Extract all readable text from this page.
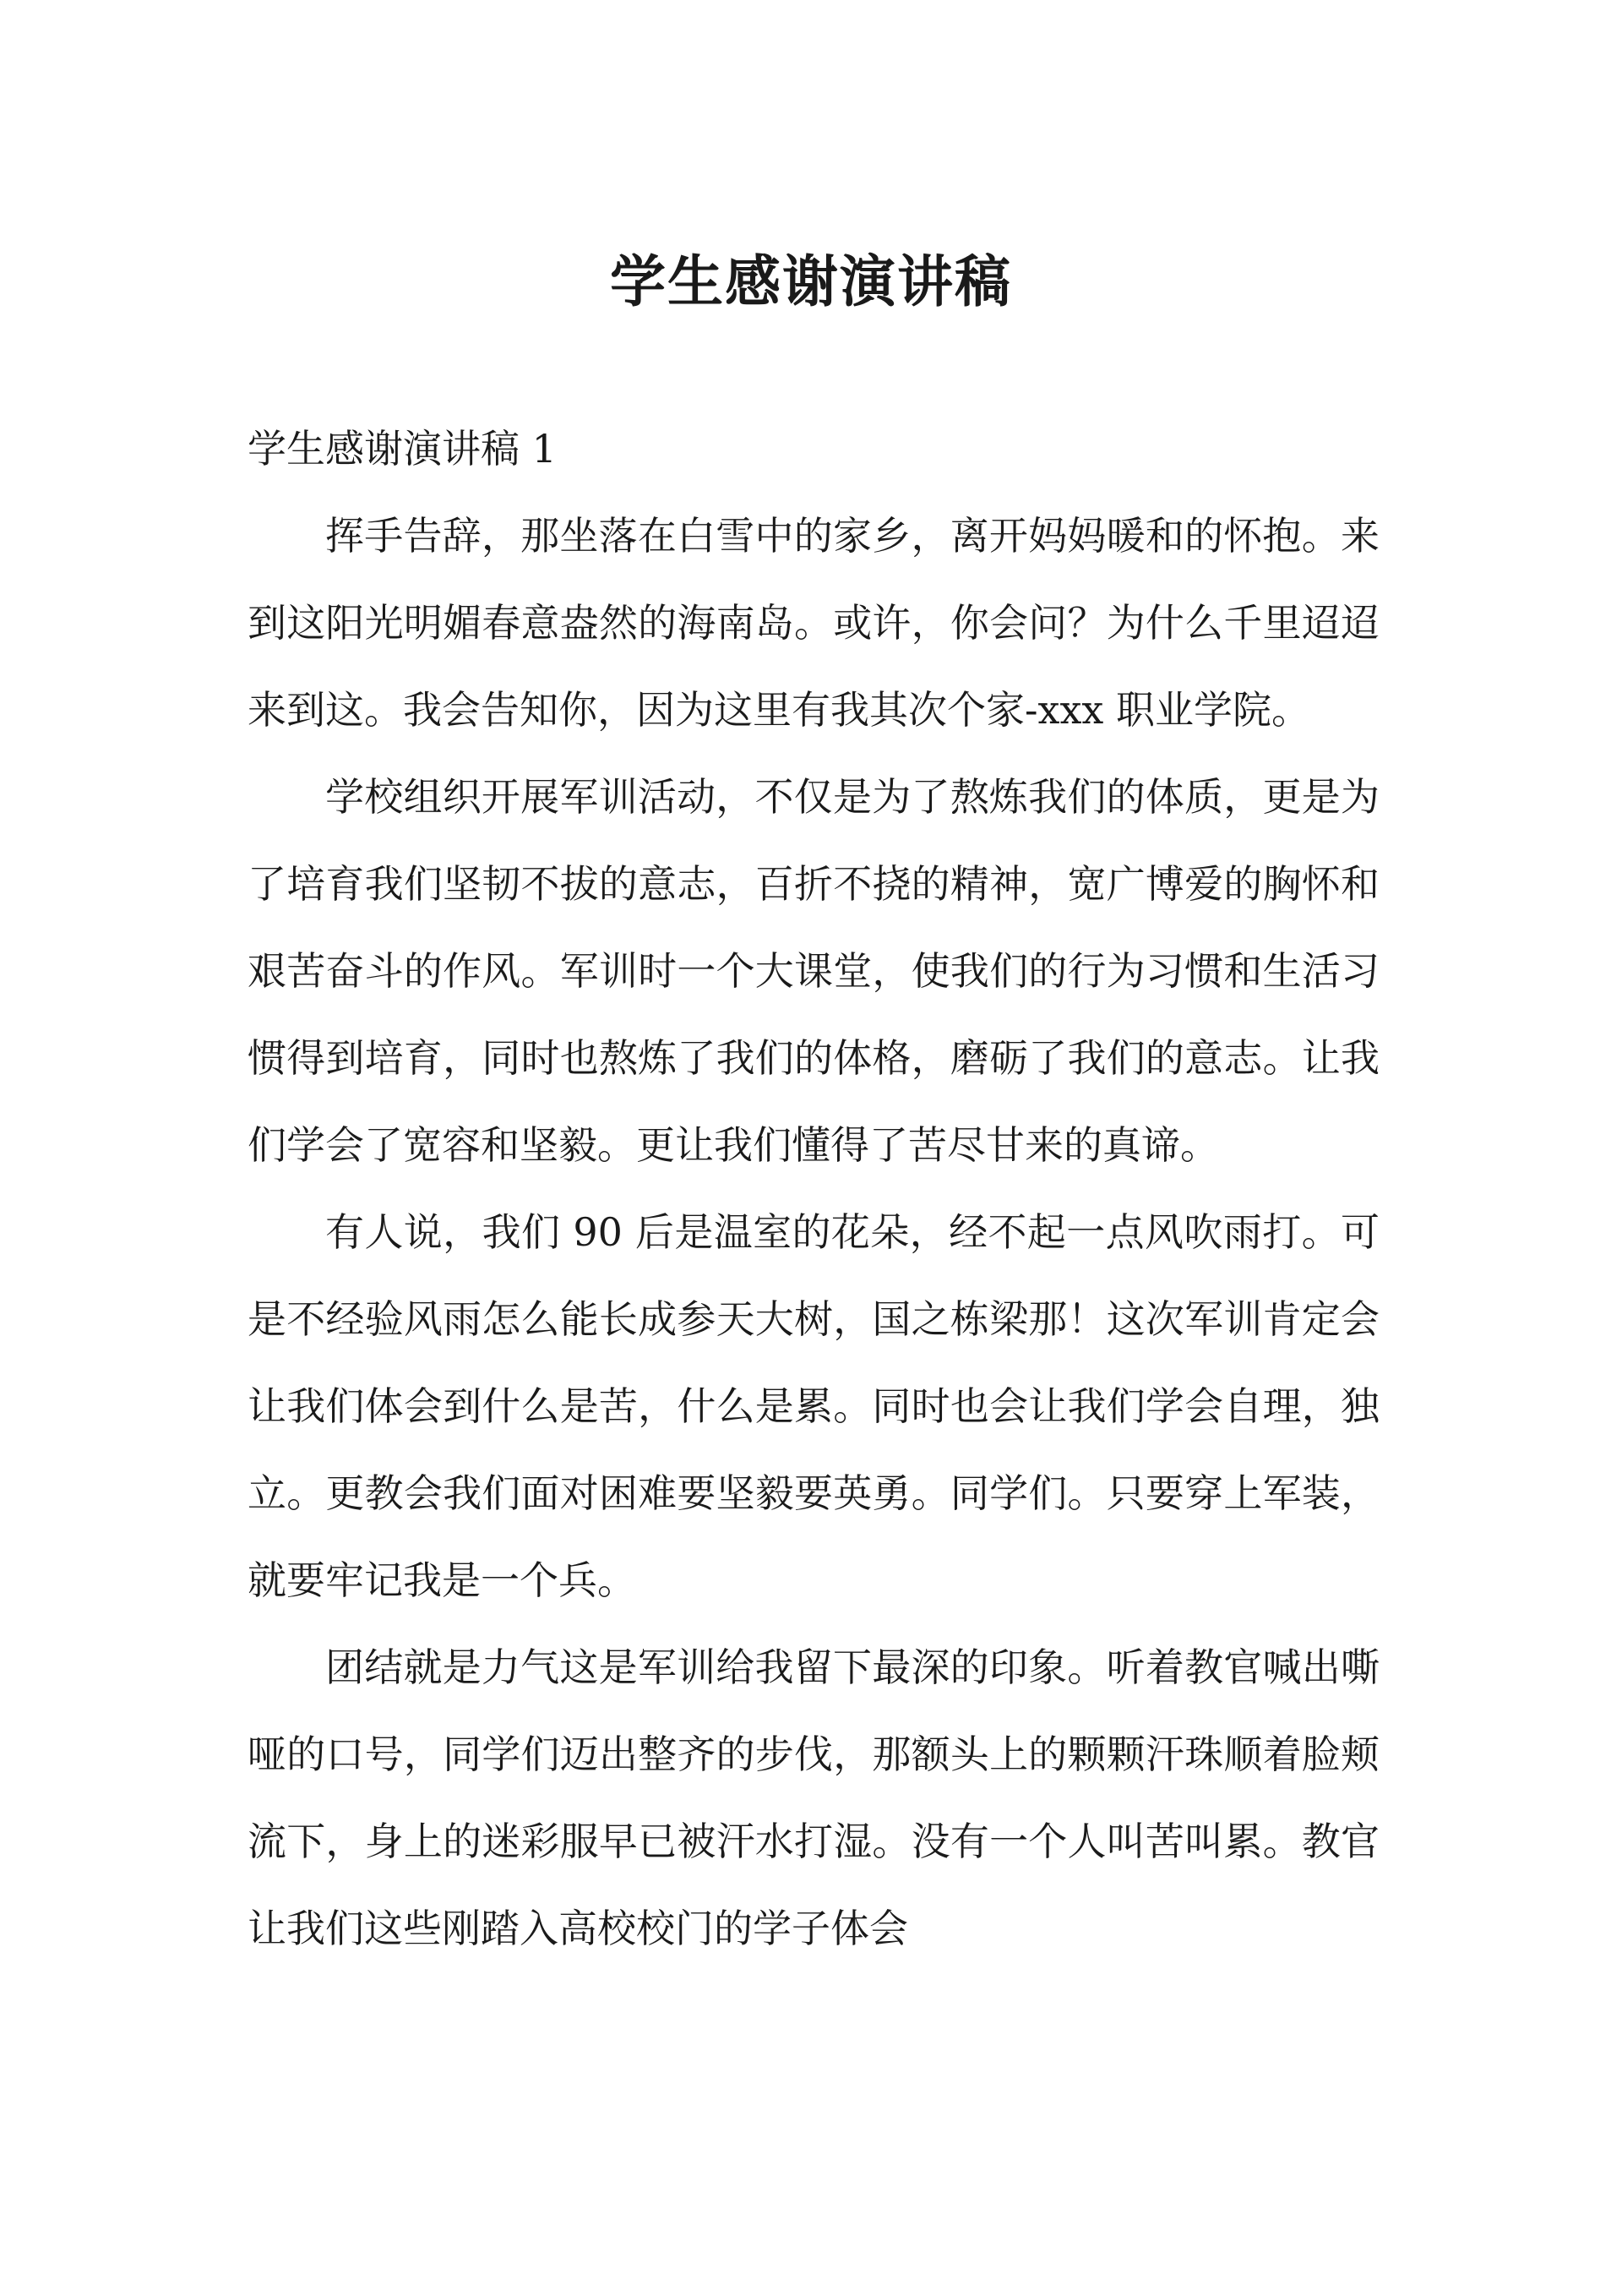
学生感谢演讲稿

学生感谢演讲稿 1

挥手告辞，那坐落在白雪中的家乡，离开妈妈暖和的怀抱。来到这阳光明媚春意盎然的海南岛。或许，你会问？为什么千里迢迢来到这。我会告知你，因为这里有我其次个家-xxx 职业学院。

学校组织开展军训活动，不仅是为了熬炼我们的体质，更是为了培育我们坚韧不拔的意志，百折不挠的精神，宽广博爱的胸怀和艰苦奋斗的作风。军训时一个大课堂，使我们的行为习惯和生活习惯得到培育，同时也熬炼了我们的体格，磨砺了我们的意志。让我们学会了宽容和坚毅。更让我们懂得了苦尽甘来的真谛。

有人说，我们 90 后是温室的花朵，经不起一点风吹雨打。可是不经验风雨怎么能长成参天大树，国之栋梁那！这次军训肯定会让我们体会到什么是苦，什么是累。同时也会让我们学会自理，独立。更教会我们面对困难要坚毅要英勇。同学们。只要穿上军装，就要牢记我是一个兵。

团结就是力气这是军训给我留下最深的印象。听着教官喊出嘶哑的口号，同学们迈出整齐的步伐，那额头上的颗颗汗珠顺着脸颊流下，身上的迷彩服早已被汗水打湿。没有一个人叫苦叫累。教官让我们这些刚踏入高校校门的学子体会
